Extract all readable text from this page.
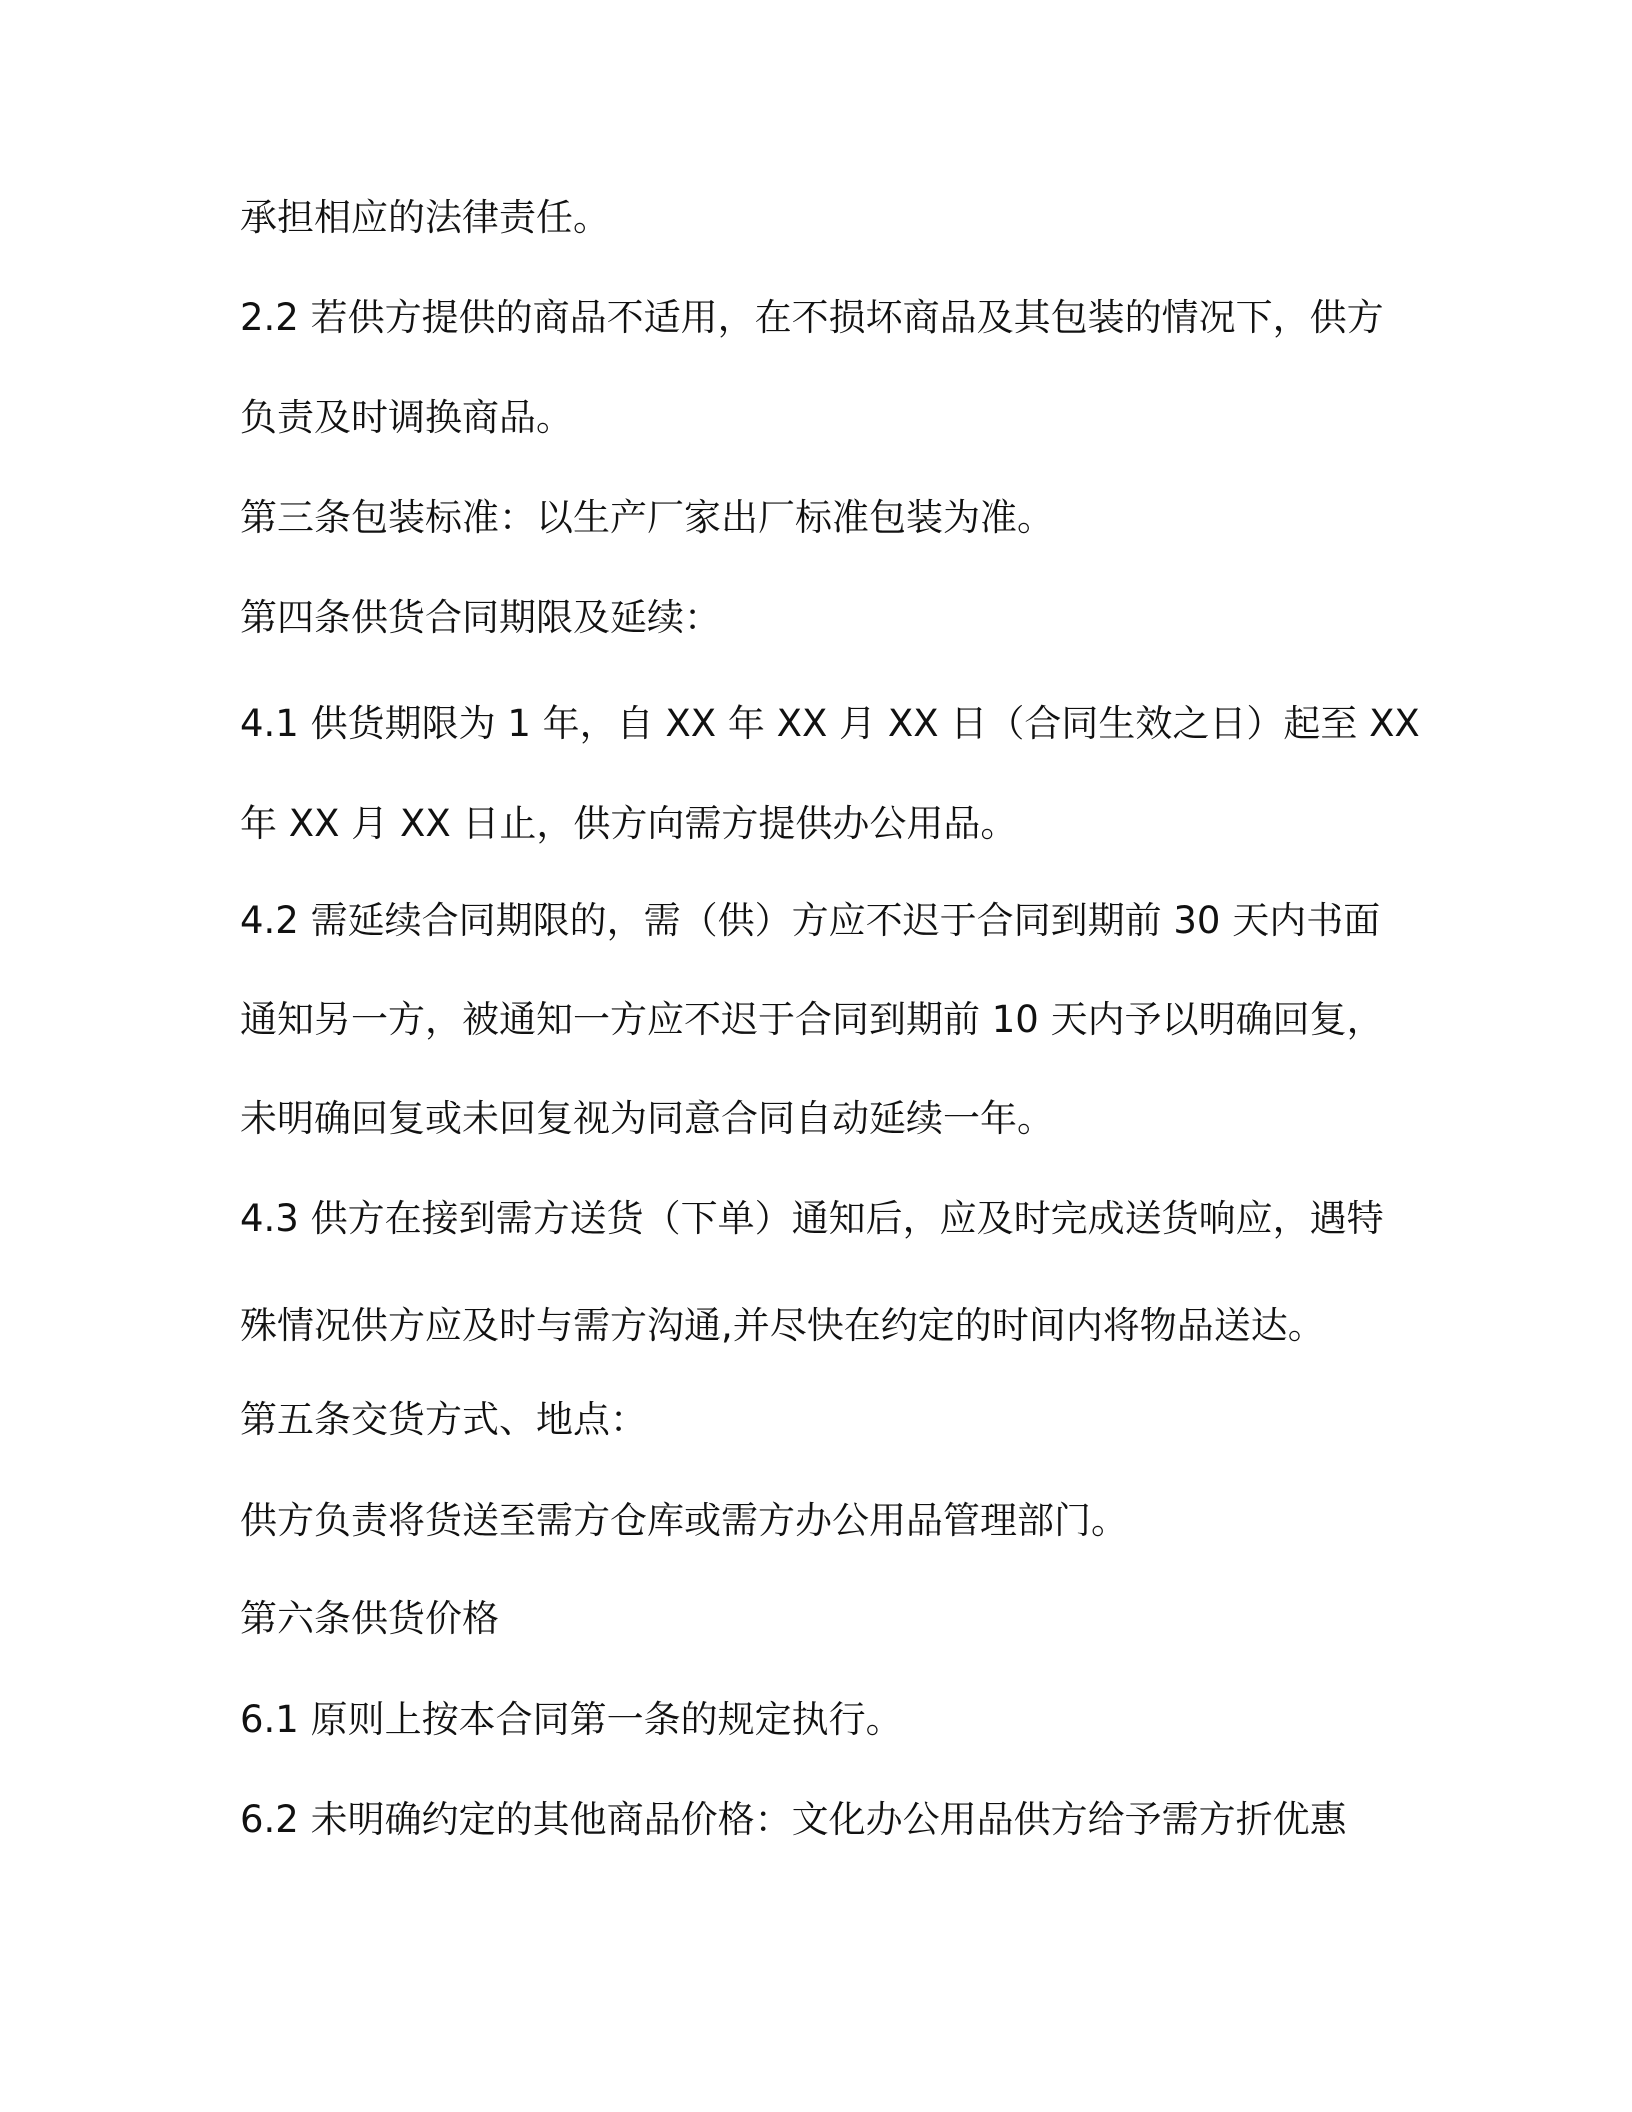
承担相应的法律责任。
2.2 若供方提供的商品不适用，在不损坏商品及其包装的情况下，供方
负责及时调换商品。
第三条包装标准：以生产厂家出厂标准包装为准。
第四条供货合同期限及延续：
4.1 供货期限为 1 年，自 XX 年 XX 月 XX 日（合同生效之日）起至 XX
年 XX 月 XX 日止，供方向需方提供办公用品。
4.2 需延续合同期限的，需（供）方应不迟于合同到期前 30 天内书面
通知另一方，被通知一方应不迟于合同到期前 10 天内予以明确回复，
未明确回复或未回复视为同意合同自动延续一年。
4.3 供方在接到需方送货（下单）通知后，应及时完成送货响应，遇特
殊情况供方应及时与需方沟通,并尽快在约定的时间内将物品送达。
第五条交货方式、地点：
供方负责将货送至需方仓库或需方办公用品管理部门。
第六条供货价格
6.1 原则上按本合同第一条的规定执行。
6.2 未明确约定的其他商品价格：文化办公用品供方给予需方折优惠
